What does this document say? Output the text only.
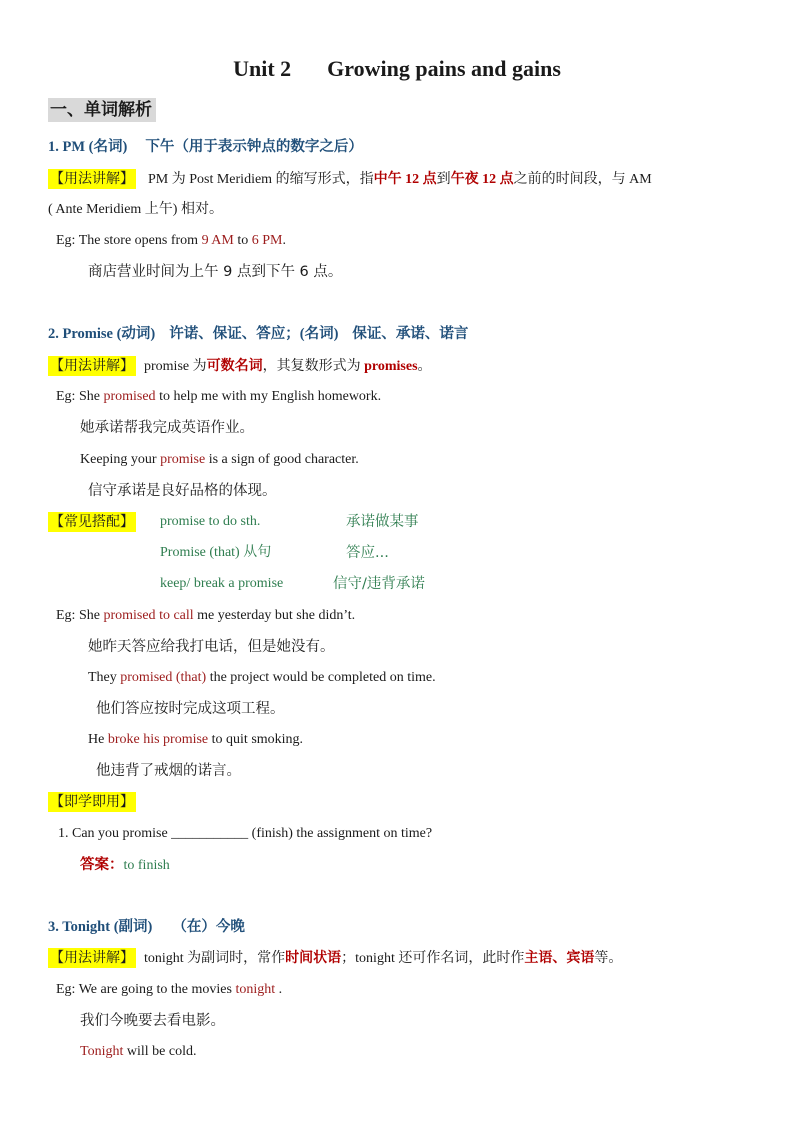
Unit 2 Growing pains and gains
一、单词解析
1. PM (名词) 下午（用于表示钟点的数字之后）
【用法讲解】 PM 为 Post Meridiem 的缩写形式，指中午 12 点到午夜 12 点之前的时间段，与 AM
( Ante Meridiem 上午) 相对。
Eg: The store opens from 9 AM to 6 PM.
商店营业时间为上午 9 点到下午 6 点。
2. Promise (动词) 许诺、保证、答应；(名词) 保证、承诺、诺言
【用法讲解】 promise 为可数名词，其复数形式为 promises。
Eg: She promised to help me with my English homework.
她承诺帮我完成英语作业。
Keeping your promise is a sign of good character.
信守承诺是良好品格的体现。
【常见搭配】 promise to do sth.	承诺做某事
Promise (that) 从句	答应...
keep/ break a promise	信守/违背承诺
Eg: She promised to call me yesterday but she didn’t.
她昨天答应给我打电话，但是她没有。
They promised (that) the project would be completed on time.
他们答应按时完成这项工程。
He broke his promise to quit smoking.
他违背了戒烟的诺言。
【即学即用】
1. Can you promise ___________ (finish) the assignment on time?
答案：to finish
3. Tonight (副词) （在）今晚
【用法讲解】 tonight 为副词时，常作时间状语；tonight 还可作名词，此时作主语、宾语等。
Eg: We are going to the movies tonight .
我们今晚要去看电影。
Tonight will be cold.
